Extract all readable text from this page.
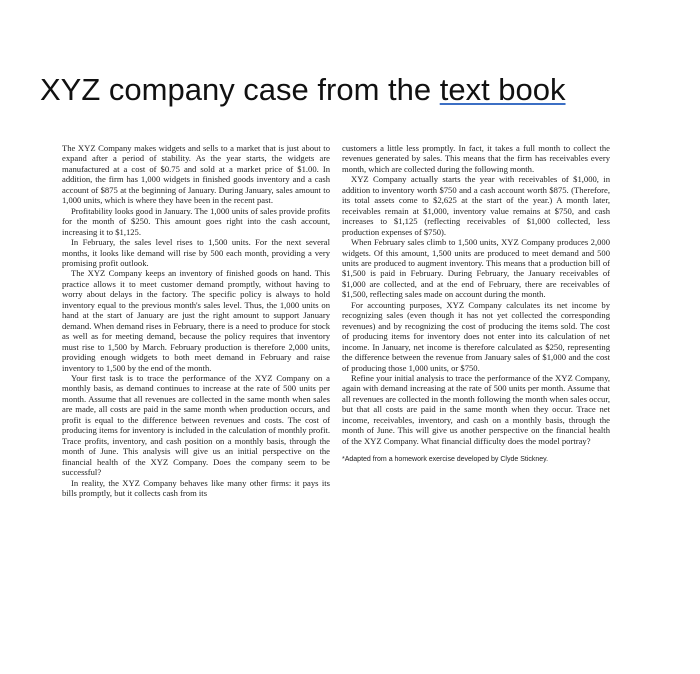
XYZ company case from the text book

The XYZ Company makes widgets and sells to a market that is just about to expand after a period of stability. As the year starts, the widgets are manufactured at a cost of $0.75 and sold at a market price of $1.00. In addition, the firm has 1,000 widgets in finished goods inventory and a cash account of $875 at the beginning of January. During January, sales amount to 1,000 units, which is where they have been in the recent past.

Profitability looks good in January. The 1,000 units of sales provide profits for the month of $250. This amount goes right into the cash account, increasing it to $1,125.

In February, the sales level rises to 1,500 units. For the next several months, it looks like demand will rise by 500 each month, providing a very promising profit outlook.

The XYZ Company keeps an inventory of finished goods on hand. This practice allows it to meet customer demand promptly, without having to worry about delays in the factory. The specific policy is always to hold inventory equal to the previous month's sales level. Thus, the 1,000 units on hand at the start of January are just the right amount to support January demand. When demand rises in February, there is a need to produce for stock as well as for meeting demand, because the policy requires that inventory must rise to 1,500 by March. February production is therefore 2,000 units, providing enough widgets to both meet demand in February and raise inventory to 1,500 by the end of the month.

Your first task is to trace the performance of the XYZ Company on a monthly basis, as demand continues to increase at the rate of 500 units per month. Assume that all revenues are collected in the same month when sales are made, all costs are paid in the same month when production occurs, and profit is equal to the difference between revenues and costs. The cost of producing items for inventory is included in the calculation of monthly profit. Trace profits, inventory, and cash position on a monthly basis, through the month of June. This analysis will give us an initial perspective on the financial health of the XYZ Company. Does the company seem to be successful?

In reality, the XYZ Company behaves like many other firms: it pays its bills promptly, but it collects cash from its

customers a little less promptly. In fact, it takes a full month to collect the revenues generated by sales. This means that the firm has receivables every month, which are collected during the following month.

XYZ Company actually starts the year with receivables of $1,000, in addition to inventory worth $750 and a cash account worth $875. (Therefore, its total assets come to $2,625 at the start of the year.) A month later, receivables remain at $1,000, inventory value remains at $750, and cash increases to $1,125 (reflecting receivables of $1,000 collected, less production expenses of $750).

When February sales climb to 1,500 units, XYZ Company produces 2,000 widgets. Of this amount, 1,500 units are produced to meet demand and 500 units are produced to augment inventory. This means that a production bill of $1,500 is paid in February. During February, the January receivables of $1,000 are collected, and at the end of February, there are receivables of $1,500, reflecting sales made on account during the month.

For accounting purposes, XYZ Company calculates its net income by recognizing sales (even though it has not yet collected the corresponding revenues) and by recognizing the cost of producing the items sold. The cost of producing items for inventory does not enter into its calculation of net income. In January, net income is therefore calculated as $250, representing the difference between the revenue from January sales of $1,000 and the cost of producing those 1,000 units, or $750.

Refine your initial analysis to trace the performance of the XYZ Company, again with demand increasing at the rate of 500 units per month. Assume that all revenues are collected in the month following the month when sales occur, but that all costs are paid in the same month when they occur. Trace net income, receivables, inventory, and cash on a monthly basis, through the month of June. This will give us another perspective on the financial health of the XYZ Company. What financial difficulty does the model portray?

*Adapted from a homework exercise developed by Clyde Stickney.
